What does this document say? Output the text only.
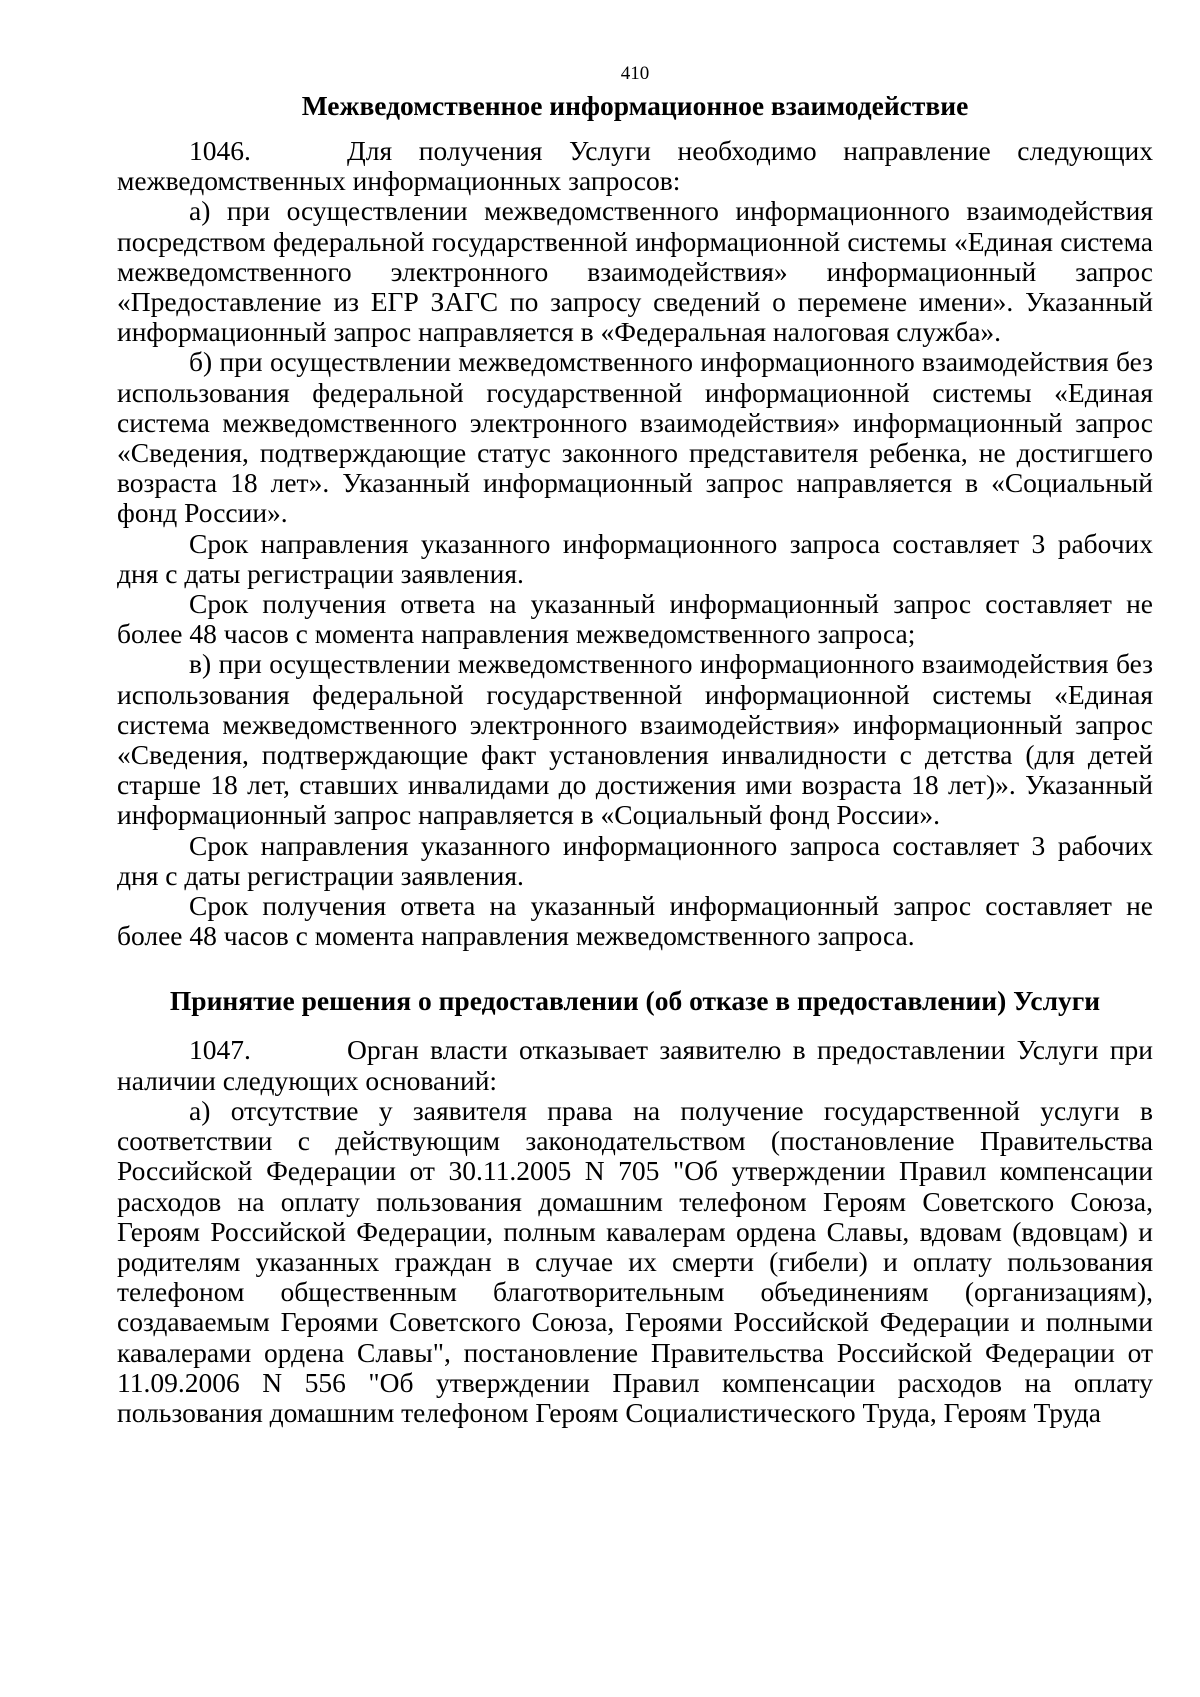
410
Межведомственное информационное взаимодействие

1046.	Для получения Услуги необходимо направление следующих межведомственных информационных запросов:

а) при осуществлении межведомственного информационного взаимодействия посредством федеральной государственной информационной системы «Единая система межведомственного электронного взаимодействия» информационный запрос «Предоставление из ЕГР ЗАГС по запросу сведений о перемене имени». Указанный информационный запрос направляется в «Федеральная налоговая служба».

б) при осуществлении межведомственного информационного взаимодействия без использования федеральной государственной информационной системы «Единая система межведомственного электронного взаимодействия» информационный запрос «Сведения, подтверждающие статус законного представителя ребенка, не достигшего возраста 18 лет». Указанный информационный запрос направляется в «Социальный фонд России».

Срок направления указанного информационного запроса составляет 3 рабочих дня с даты регистрации заявления.

Срок получения ответа на указанный информационный запрос составляет не более 48 часов с момента направления межведомственного запроса;

в) при осуществлении межведомственного информационного взаимодействия без использования федеральной государственной информационной системы «Единая система межведомственного электронного взаимодействия» информационный запрос «Сведения, подтверждающие факт установления инвалидности с детства (для детей старше 18 лет, ставших инвалидами до достижения ими возраста 18 лет)». Указанный информационный запрос направляется в «Социальный фонд России».

Срок направления указанного информационного запроса составляет 3 рабочих дня с даты регистрации заявления.

Срок получения ответа на указанный информационный запрос составляет не более 48 часов с момента направления межведомственного запроса.

Принятие решения о предоставлении (об отказе в предоставлении) Услуги

1047.	Орган власти отказывает заявителю в предоставлении Услуги при наличии следующих оснований:

а) отсутствие у заявителя права на получение государственной услуги в соответствии с действующим законодательством (постановление Правительства Российской Федерации от 30.11.2005 N 705 "Об утверждении Правил компенсации расходов на оплату пользования домашним телефоном Героям Советского Союза, Героям Российской Федерации, полным кавалерам ордена Славы, вдовам (вдовцам) и родителям указанных граждан в случае их смерти (гибели) и оплату пользования телефоном общественным благотворительным объединениям (организациям), создаваемым Героями Советского Союза, Героями Российской Федерации и полными кавалерами ордена Славы", постановление Правительства Российской Федерации от 11.09.2006 N 556 "Об утверждении Правил компенсации расходов на оплату пользования домашним телефоном Героям Социалистического Труда, Героям Труда
